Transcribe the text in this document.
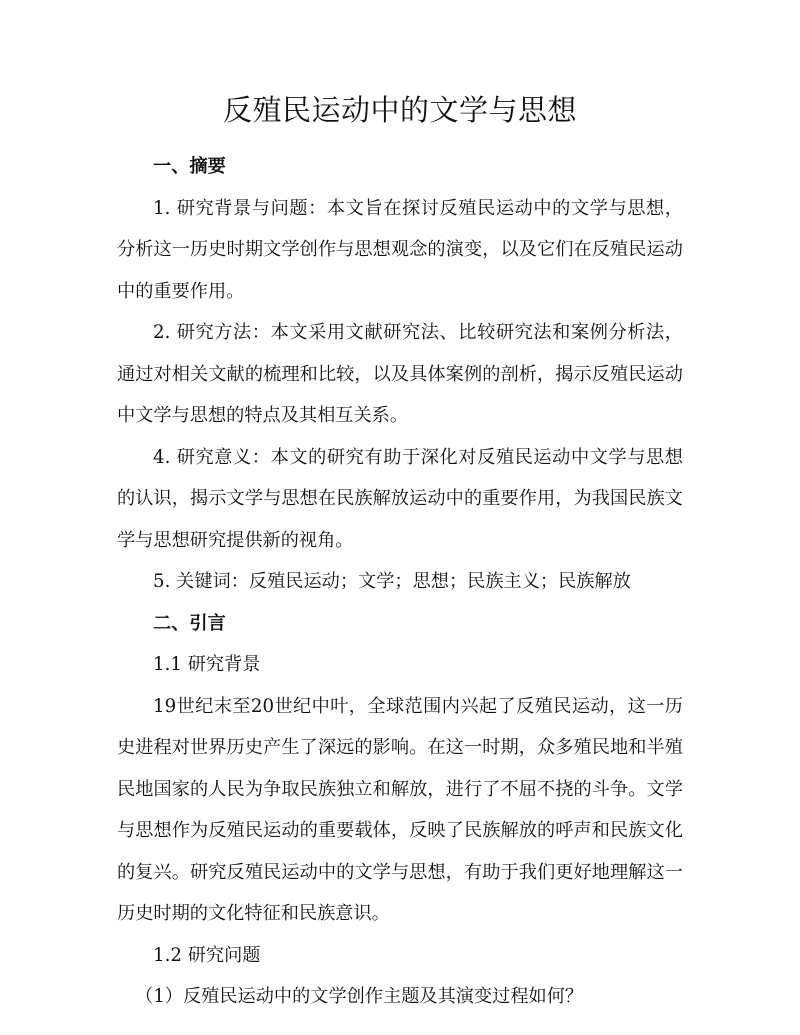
反殖民运动中的文学与思想

一、摘要

1. 研究背景与问题：本文旨在探讨反殖民运动中的文学与思想，分析这一历史时期文学创作与思想观念的演变，以及它们在反殖民运动中的重要作用。

2. 研究方法：本文采用文献研究法、比较研究法和案例分析法，通过对相关文献的梳理和比较，以及具体案例的剖析，揭示反殖民运动中文学与思想的特点及其相互关系。

4. 研究意义：本文的研究有助于深化对反殖民运动中文学与思想的认识，揭示文学与思想在民族解放运动中的重要作用，为我国民族文学与思想研究提供新的视角。

5. 关键词：反殖民运动；文学；思想；民族主义；民族解放

二、引言

1.1 研究背景

19世纪末至20世纪中叶，全球范围内兴起了反殖民运动，这一历史进程对世界历史产生了深远的影响。在这一时期，众多殖民地和半殖民地国家的人民为争取民族独立和解放，进行了不屈不挠的斗争。文学与思想作为反殖民运动的重要载体，反映了民族解放的呼声和民族文化的复兴。研究反殖民运动中的文学与思想，有助于我们更好地理解这一历史时期的文化特征和民族意识。

1.2 研究问题

（1）反殖民运动中的文学创作主题及其演变过程如何？
